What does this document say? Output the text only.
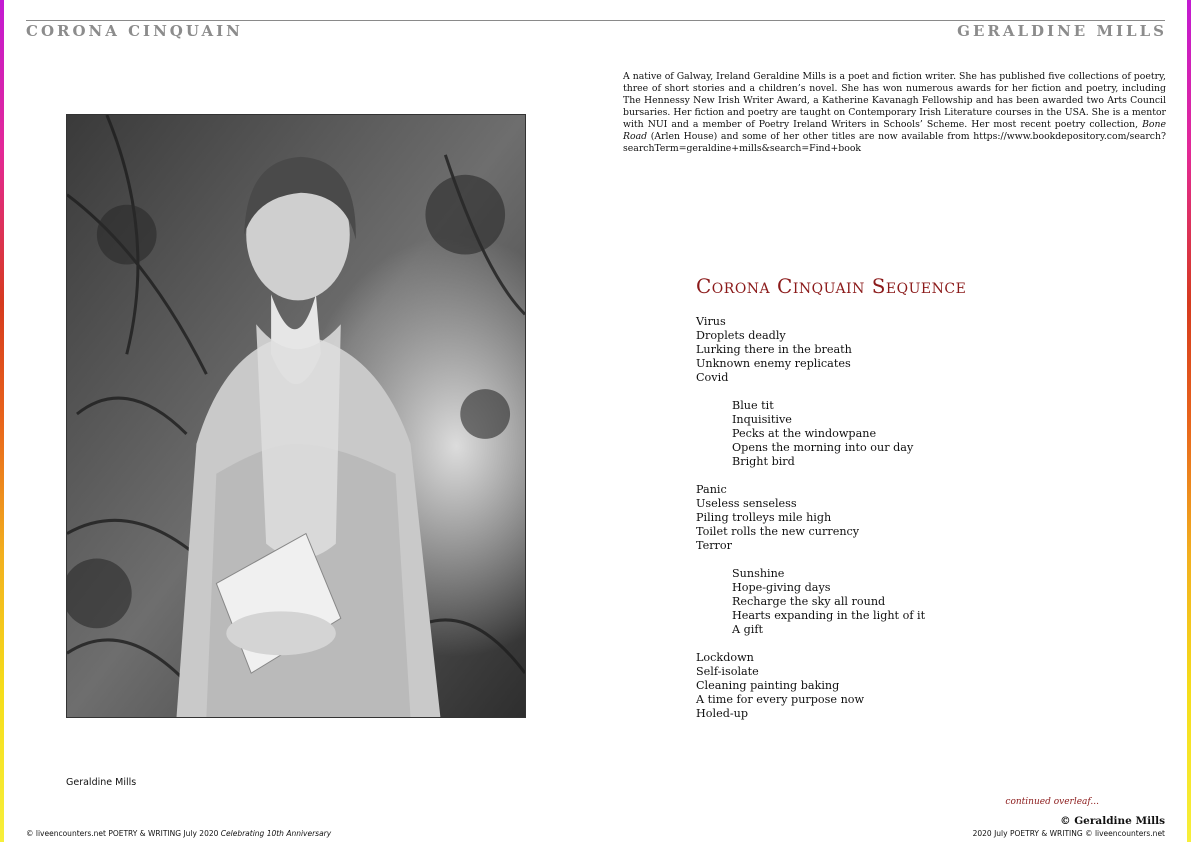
CORONA CINQUAIN	GERALDINE MILLS
A native of Galway, Ireland Geraldine Mills is a poet and fiction writer. She has published five collections of poetry, three of short stories and a children’s novel. She has won numerous awards for her fiction and poetry, including The Hennessy New Irish Writer Award, a Katherine Kavanagh Fellowship and has been awarded two Arts Council bursaries. Her fiction and poetry are taught on Contemporary Irish Literature courses in the USA. She is a mentor with NUI and a member of Poetry Ireland Writers in Schools’ Scheme. Her most recent poetry collection, Bone Road (Arlen House) and some of her other titles are now available from https://www.bookdepository.com/search?searchTerm=geraldine+mills&search=Find+book
Geraldine Mills
Corona Cinquain Sequence
Virus
Droplets deadly
Lurking there in the breath
Unknown enemy replicates
Covid
Blue tit
Inquisitive
Pecks at the windowpane
Opens the morning into our day
Bright bird
Panic
Useless senseless
Piling trolleys mile high
Toilet rolls the new currency
Terror
Sunshine
Hope-giving days
Recharge the sky all round
Hearts expanding in the light of it
A gift
Lockdown
Self-isolate
Cleaning painting baking
A time for every purpose now
Holed-up
continued overleaf...
© Geraldine Mills
© liveencounters.net POETRY & WRITING July 2020 Celebrating 10th Anniversary	2020 July POETRY & WRITING © liveencounters.net
